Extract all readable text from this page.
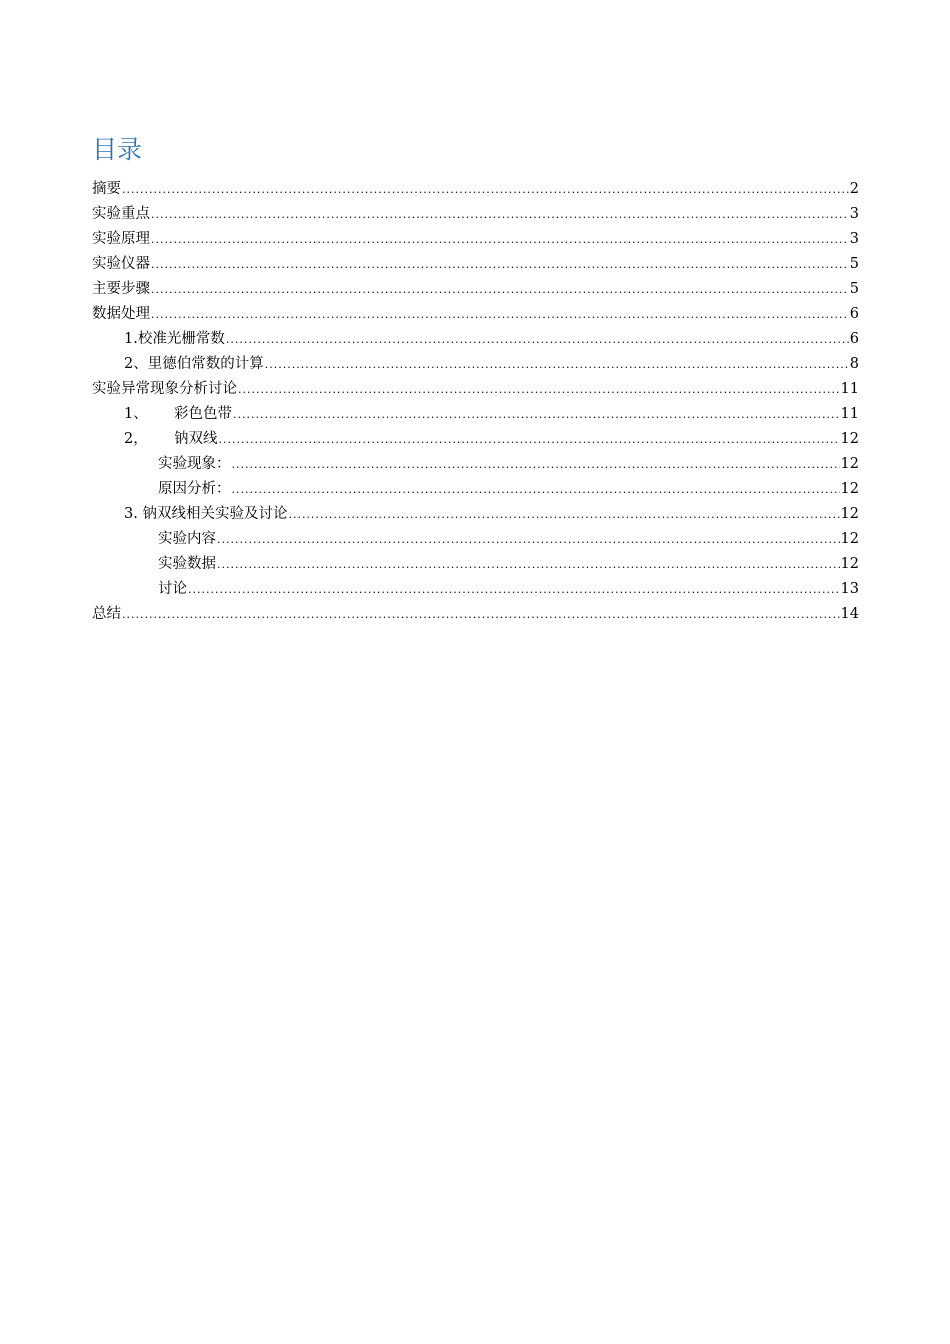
目录
摘要 .....	2
实验重点 .....	3
实验原理 .....	3
实验仪器 .....	5
主要步骤 .....	5
数据处理 .....	6
1.校准光栅常数 .....	6
2、里德伯常数的计算 .....	8
实验异常现象分析讨论 .....	11
1、 彩色色带 .....	11
2， 钠双线 .....	12
实验现象： .....	12
原因分析： .....	12
3. 钠双线相关实验及讨论 .....	12
实验内容 .....	12
实验数据 .....	12
讨论 .....	13
总结 .....	14
